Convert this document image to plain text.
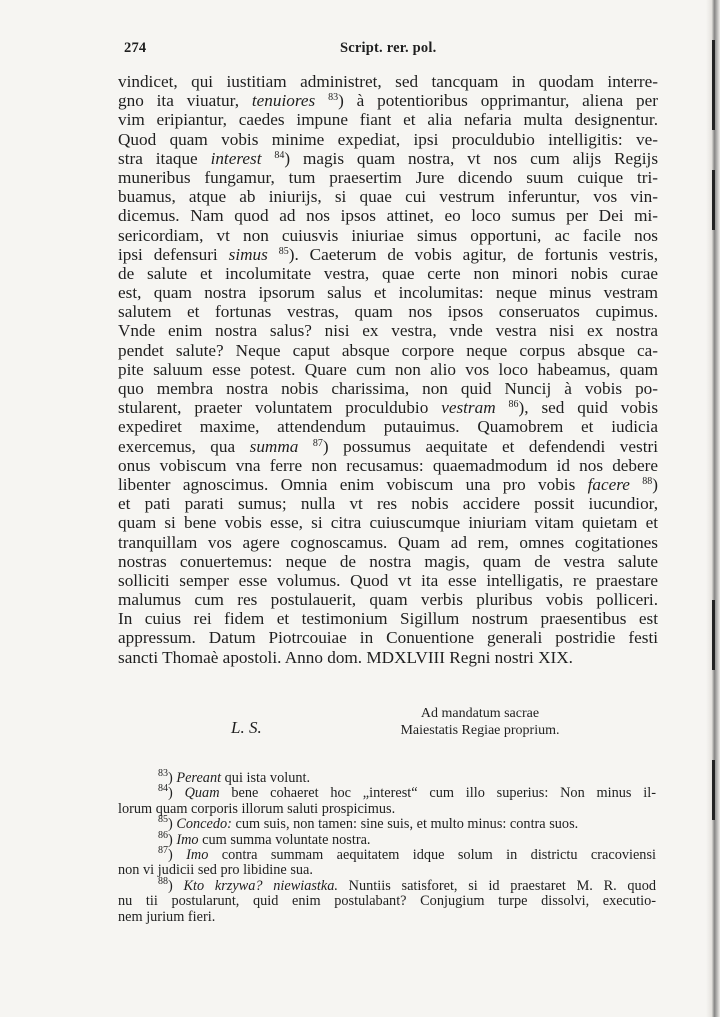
274	Script. rer. pol.
vindicet, qui iustitiam administret, sed tancquam in quodam interre-
gno ita viuatur, tenuiores $^{83}$) à potentioribus opprimantur, aliena per
vim eripiantur, caedes impune fiant et alia nefaria multa designentur.
Quod quam vobis minime expediat, ipsi proculdubio intelligitis: ve-
stra itaque interest $^{84}$) magis quam nostra, vt nos cum alijs Regijs
muneribus fungamur, tum praesertim Jure dicendo suum cuique tri-
buamus, atque ab iniurijs, si quae cui vestrum inferuntur, vos vin-
dicemus. Nam quod ad nos ipsos attinet, eo loco sumus per Dei mi-
sericordiam, vt non cuiusvis iniuriae simus opportuni, ac facile nos
ipsi defensuri simus $^{85}$). Caeterum de vobis agitur, de fortunis vestris,
de salute et incolumitate vestra, quae certe non minori nobis curae
est, quam nostra ipsorum salus et incolumitas: neque minus vestram
salutem et fortunas vestras, quam nos ipsos conseruatos cupimus.
Vnde enim nostra salus? nisi ex vestra, vnde vestra nisi ex nostra
pendet salute? Neque caput absque corpore neque corpus absque ca-
pite saluum esse potest. Quare cum non alio vos loco habeamus, quam
quo membra nostra nobis charissima, non quid Nuncij à vobis po-
stularent, praeter voluntatem proculdubio vestram $^{86}$), sed quid vobis
expediret maxime, attendendum putauimus. Quamobrem et iudicia
exercemus, qua summa $^{87}$) possumus aequitate et defendendi vestri
onus vobiscum vna ferre non recusamus: quaemadmodum id nos debere
libenter agnoscimus. Omnia enim vobiscum una pro vobis facere $^{88}$)
et pati parati sumus; nulla vt res nobis accidere possit iucundior,
quam si bene vobis esse, si citra cuiuscumque iniuriam vitam quietam et
tranquillam vos agere cognoscamus. Quam ad rem, omnes cogitationes
nostras conuertemus: neque de nostra magis, quam de vestra salute
solliciti semper esse volumus. Quod vt ita esse intelligatis, re praestare
malumus cum res postulauerit, quam verbis pluribus vobis polliceri.
In cuius rei fidem et testimonium Sigillum nostrum praesentibus est
appressum. Datum Piotrcouiae in Conuentione generali postridie festi
sancti Thomaè apostoli. Anno dom. MDXLVIII Regni nostri XIX.
L. S.
Ad mandatum sacrae
Maiestatis Regiae proprium.
$^{83}$) Pereant qui ista volunt.
$^{84}$) Quam bene cohaeret hoc „interest“ cum illo superius: Non minus il-
lorum quam corporis illorum saluti prospicimus.
$^{85}$) Concedo: cum suis, non tamen: sine suis, et multo minus: contra suos.
$^{86}$) Imo cum summa voluntate nostra.
$^{87}$) Imo contra summam aequitatem idque solum in districtu cracoviensi
non vi judicii sed pro libidine sua.
$^{88}$) Kto krzywa? niewiastka. Nuntiis satisforet, si id praestaret M. R. quod
nu tii postularunt, quid enim postulabant? Conjugium turpe dissolvi, executio-
nem jurium fieri.
